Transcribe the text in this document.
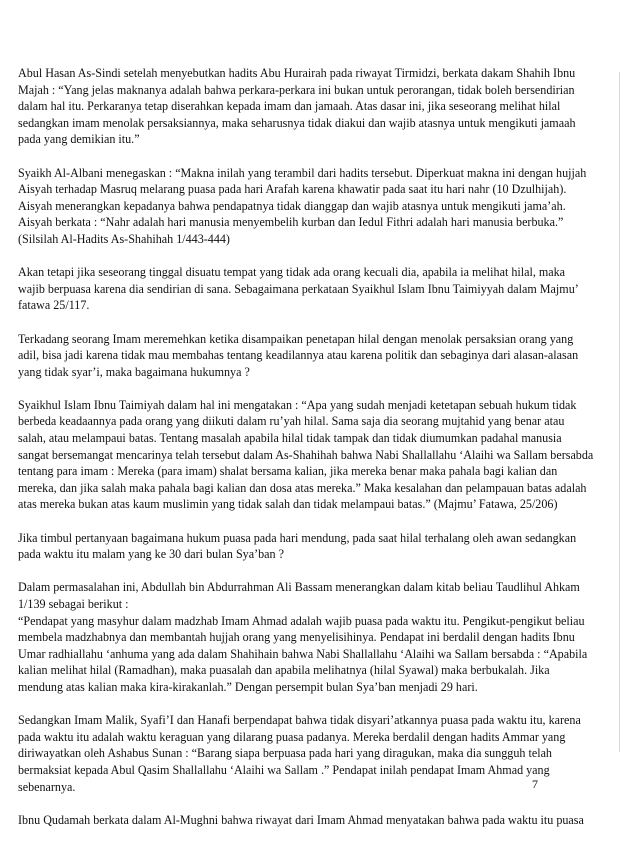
Abul Hasan As-Sindi setelah menyebutkan hadits Abu Hurairah pada riwayat Tirmidzi, berkata dakam Shahih Ibnu
Majah : “Yang jelas maknanya adalah bahwa perkara-perkara ini bukan untuk perorangan, tidak boleh bersendirian
dalam hal itu. Perkaranya tetap diserahkan kepada imam dan jamaah. Atas dasar ini, jika seseorang melihat hilal
sedangkan imam menolak persaksiannya, maka seharusnya tidak diakui dan wajib atasnya untuk mengikuti jamaah
pada yang demikian itu.”

Syaikh Al-Albani menegaskan : “Makna inilah yang terambil dari hadits tersebut. Diperkuat makna ini dengan hujjah
Aisyah terhadap Masruq melarang puasa pada hari Arafah karena khawatir pada saat itu hari nahr (10 Dzulhijah).
Aisyah menerangkan kepadanya bahwa pendapatnya tidak dianggap dan wajib atasnya untuk mengikuti jama’ah.
Aisyah berkata : “Nahr adalah hari manusia menyembelih kurban dan Iedul Fithri adalah hari manusia berbuka.”
(Silsilah Al-Hadits As-Shahihah 1/443-444)

Akan tetapi jika seseorang tinggal disuatu tempat yang tidak ada orang kecuali dia, apabila ia melihat hilal, maka
wajib berpuasa karena dia sendirian di sana. Sebagaimana perkataan Syaikhul Islam Ibnu Taimiyyah dalam Majmu’
fatawa 25/117.

Terkadang seorang Imam meremehkan ketika disampaikan penetapan hilal dengan menolak persaksian orang yang
adil, bisa jadi karena tidak mau membahas tentang keadilannya atau karena politik dan sebaginya dari alasan-alasan
yang tidak syar’i, maka bagaimana hukumnya ?

Syaikhul Islam Ibnu Taimiyah dalam hal ini mengatakan : “Apa yang sudah menjadi ketetapan sebuah hukum tidak
berbeda keadaannya pada orang yang diikuti dalam ru’yah hilal. Sama saja dia seorang mujtahid yang benar atau
salah, atau melampaui batas. Tentang masalah apabila hilal tidak tampak dan tidak diumumkan padahal manusia
sangat bersemangat mencarinya telah tersebut dalam As-Shahihah bahwa Nabi Shallallahu ‘Alaihi wa Sallam bersabda
tentang para imam : Mereka (para imam) shalat bersama kalian, jika mereka benar maka pahala bagi kalian dan
mereka, dan jika salah maka pahala bagi kalian dan dosa atas mereka.” Maka kesalahan dan pelampauan batas adalah
atas mereka bukan atas kaum muslimin yang tidak salah dan tidak melampaui batas.” (Majmu’ Fatawa, 25/206)

Jika timbul pertanyaan bagaimana hukum puasa pada hari mendung, pada saat hilal terhalang oleh awan sedangkan
pada waktu itu malam yang ke 30 dari bulan Sya’ban ?

Dalam permasalahan ini, Abdullah bin Abdurrahman Ali Bassam menerangkan dalam kitab beliau Taudlihul Ahkam
1/139 sebagai berikut :
“Pendapat yang masyhur dalam madzhab Imam Ahmad adalah wajib puasa pada waktu itu. Pengikut-pengikut beliau
membela madzhabnya dan membantah hujjah orang yang menyelisihinya. Pendapat ini berdalil dengan hadits Ibnu
Umar radhiallahu ‘anhuma yang ada dalam Shahihain bahwa Nabi Shallallahu ‘Alaihi wa Sallam bersabda : “Apabila
kalian melihat hilal (Ramadhan), maka puasalah dan apabila melihatnya (hilal Syawal) maka berbukalah. Jika
mendung atas kalian maka kira-kirakanlah.” Dengan persempit bulan Sya’ban menjadi 29 hari.

Sedangkan Imam Malik, Syafi’I dan Hanafi berpendapat bahwa tidak disyari’atkannya puasa pada waktu itu, karena
pada waktu itu adalah waktu keraguan yang dilarang puasa padanya. Mereka berdalil dengan hadits Ammar yang
diriwayatkan oleh Ashabus Sunan : “Barang siapa berpuasa pada hari yang diragukan, maka dia sungguh telah
bermaksiat kepada Abul Qasim Shallallahu ‘Alaihi wa Sallam .” Pendapat inilah pendapat Imam Ahmad yang
sebenarnya.

Ibnu Qudamah berkata dalam Al-Mughni bahwa riwayat dari Imam Ahmad menyatakan bahwa pada waktu itu puasa

7
